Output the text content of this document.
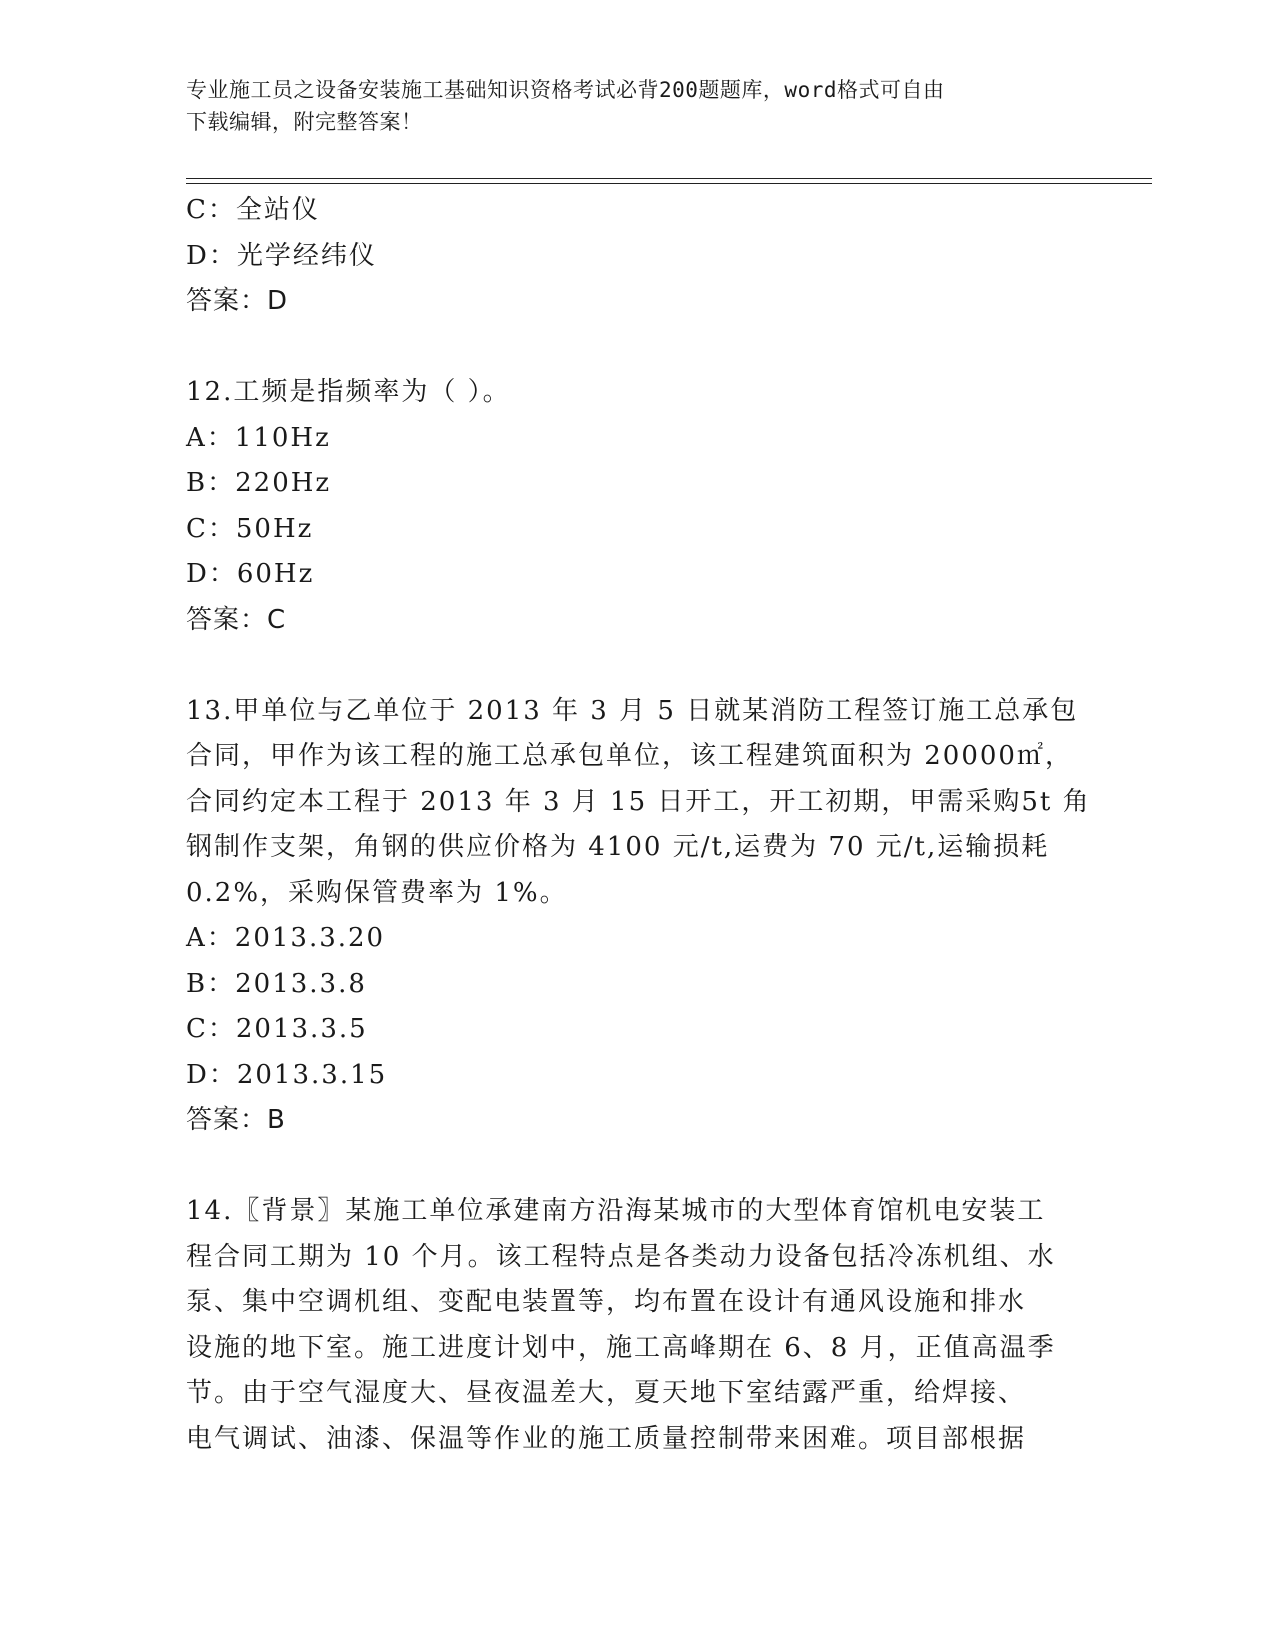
专业施工员之设备安装施工基础知识资格考试必背200题题库，word格式可自由
下载编辑，附完整答案！
C：全站仪
D：光学经纬仪
答案：D
12.工频是指频率为（ ）。
A：110Hz
B：220Hz
C：50Hz
D：60Hz
答案：C
13.甲单位与乙单位于 2013 年 3 月 5 日就某消防工程签订施工总承包
合同，甲作为该工程的施工总承包单位，该工程建筑面积为 20000㎡，
合同约定本工程于 2013 年 3 月 15 日开工，开工初期，甲需采购5t 角
钢制作支架，角钢的供应价格为 4100 元/t,运费为 70 元/t,运输损耗
0.2%，采购保管费率为 1%。
A：2013.3.20
B：2013.3.8
C：2013.3.5
D：2013.3.15
答案：B
14.〖背景〗某施工单位承建南方沿海某城市的大型体育馆机电安装工
程合同工期为 10 个月。该工程特点是各类动力设备包括冷冻机组、水
泵、集中空调机组、变配电装置等，均布置在设计有通风设施和排水
设施的地下室。施工进度计划中，施工高峰期在 6、8 月，正值高温季
节。由于空气湿度大、昼夜温差大，夏天地下室结露严重，给焊接、
电气调试、油漆、保温等作业的施工质量控制带来困难。项目部根据
